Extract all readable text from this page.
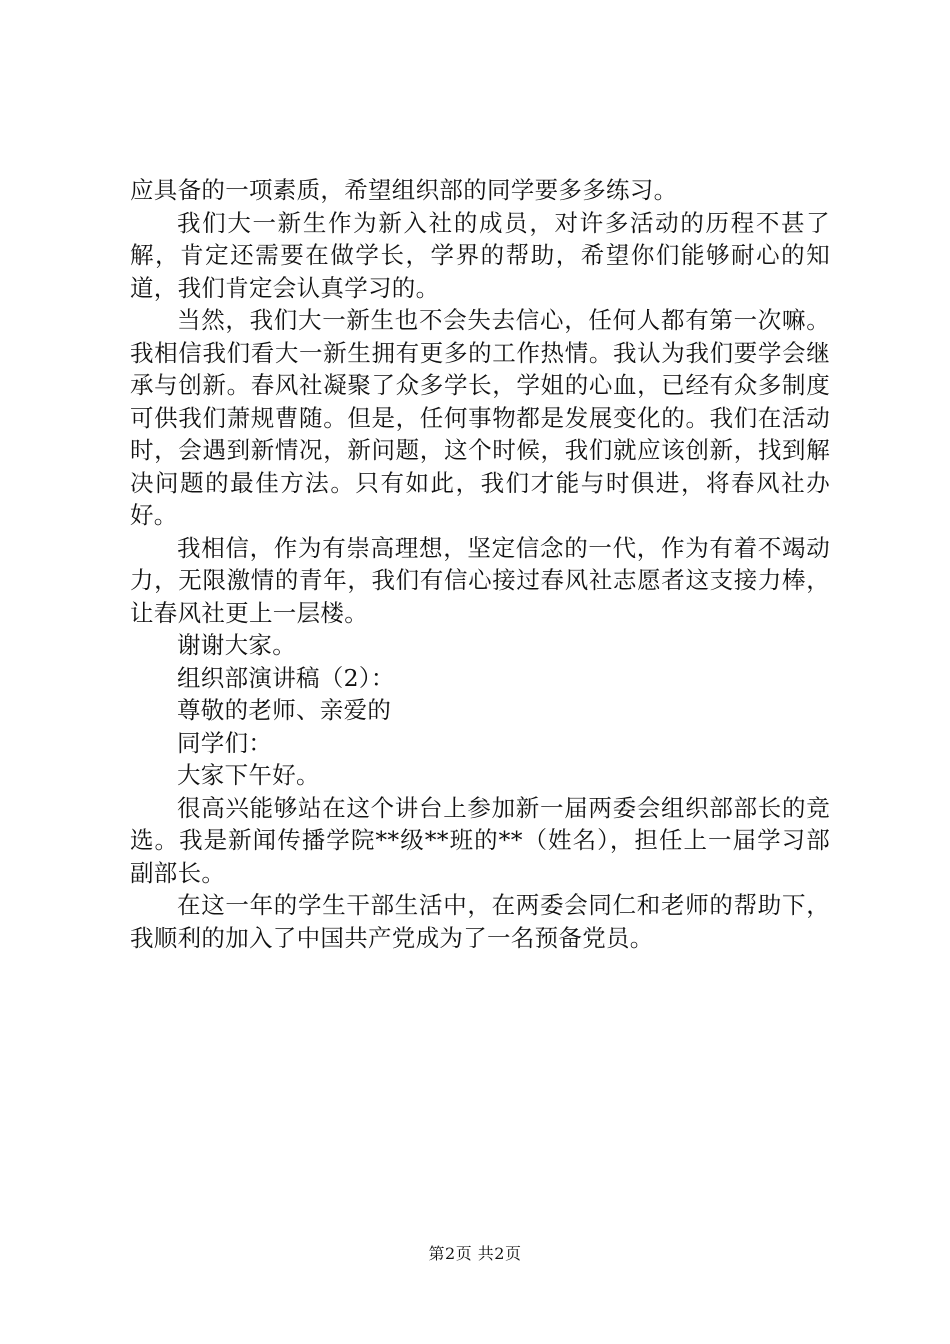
应具备的一项素质，希望组织部的同学要多多练习。

我们大一新生作为新入社的成员，对许多活动的历程不甚了解，肯定还需要在做学长，学界的帮助，希望你们能够耐心的知道，我们肯定会认真学习的。

当然，我们大一新生也不会失去信心，任何人都有第一次嘛。我相信我们看大一新生拥有更多的工作热情。我认为我们要学会继承与创新。春风社凝聚了众多学长，学姐的心血，已经有众多制度可供我们萧规曹随。但是，任何事物都是发展变化的。我们在活动时，会遇到新情况，新问题，这个时候，我们就应该创新，找到解决问题的最佳方法。只有如此，我们才能与时俱进，将春风社办好。

我相信，作为有崇高理想，坚定信念的一代，作为有着不竭动力，无限激情的青年，我们有信心接过春风社志愿者这支接力棒，让春风社更上一层楼。

谢谢大家。

组织部演讲稿（2）：

尊敬的老师、亲爱的

同学们：

大家下午好。

很高兴能够站在这个讲台上参加新一届两委会组织部部长的竞选。我是新闻传播学院**级**班的**（姓名），担任上一届学习部副部长。

在这一年的学生干部生活中，在两委会同仁和老师的帮助下，我顺利的加入了中国共产党成为了一名预备党员。

第2页 共2页
